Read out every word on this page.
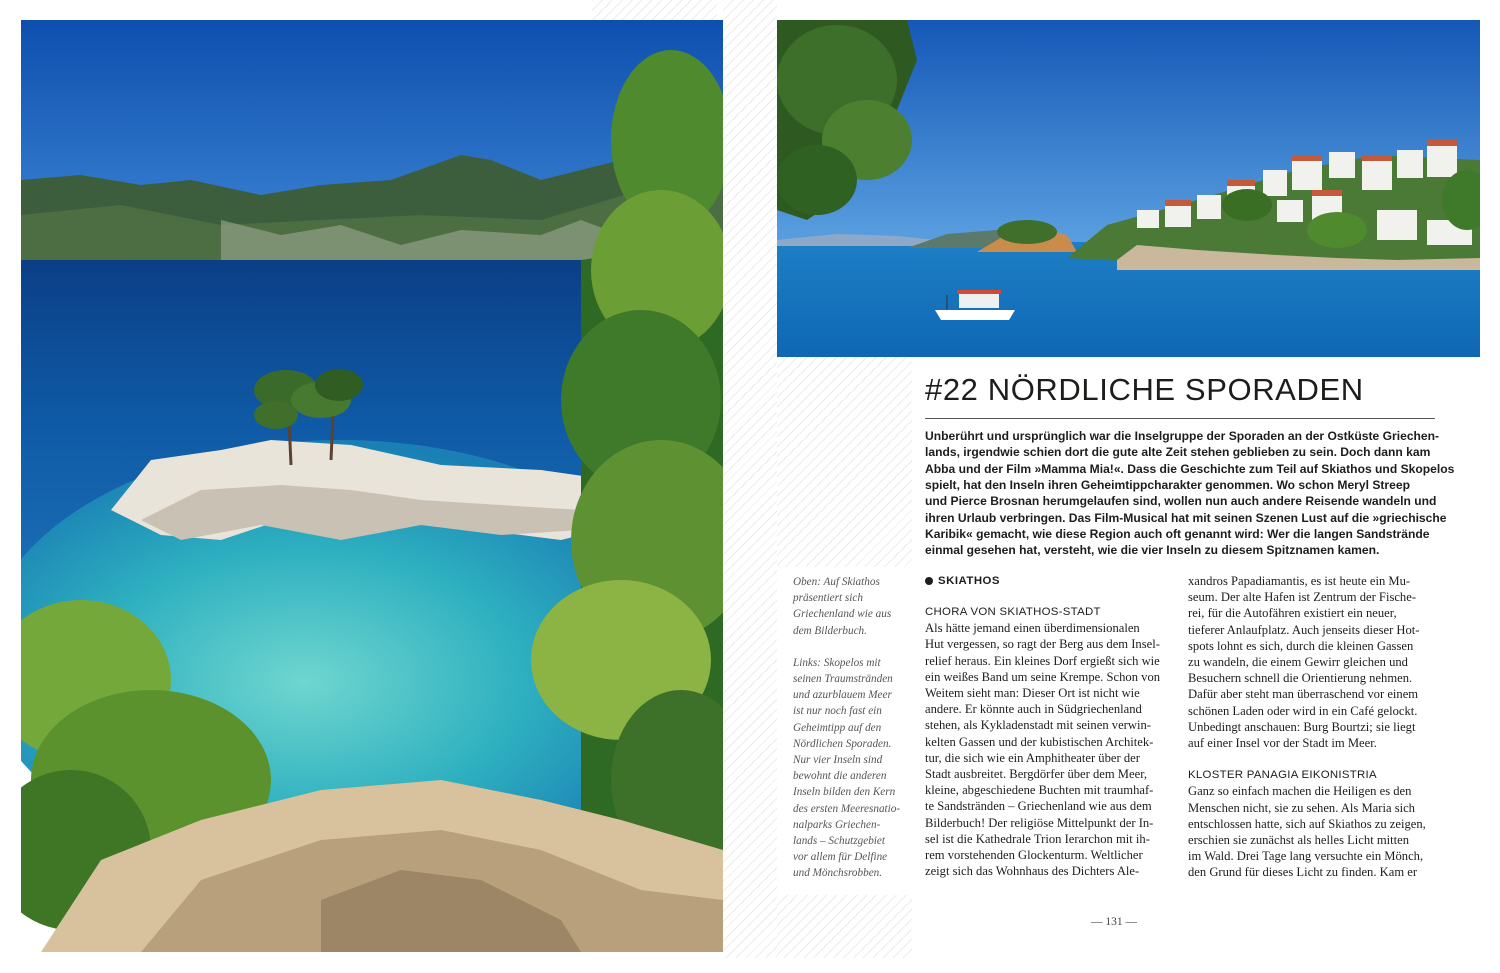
#22 NÖRDLICHE SPORADEN
Unberührt und ursprünglich war die Inselgruppe der Sporaden an der Ostküste Griechen-
lands, irgendwie schien dort die gute alte Zeit stehen geblieben zu sein. Doch dann kam
Abba und der Film »Mamma Mia!«. Dass die Geschichte zum Teil auf Skiathos und Skopelos
spielt, hat den Inseln ihren Geheimtippcharakter genommen. Wo schon Meryl Streep
und Pierce Brosnan herumgelaufen sind, wollen nun auch andere Reisende wandeln und
ihren Urlaub verbringen. Das Film-Musical hat mit seinen Szenen Lust auf die »griechische
Karibik« gemacht, wie diese Region auch oft genannt wird: Wer die langen Sandstrände
einmal gesehen hat, versteht, wie die vier Inseln zu diesem Spitznamen kamen.
Oben: Auf Skiathos
präsentiert sich
Griechenland wie aus
dem Bilderbuch.
Links: Skopelos mit
seinen Traumstränden
und azurblauem Meer
ist nur noch fast ein
Geheimtipp auf den
Nördlichen Sporaden.
Nur vier Inseln sind
bewohnt die anderen
Inseln bilden den Kern
des ersten Meeresnatio-
nalparks Griechen-
lands – Schutzgebiet
vor allem für Delfine
und Mönchsrobben.
SKIATHOS
CHORA VON SKIATHOS-STADT
Als hätte jemand einen überdimensionalen
Hut vergessen, so ragt der Berg aus dem Insel-
relief heraus. Ein kleines Dorf ergießt sich wie
ein weißes Band um seine Krempe. Schon von
Weitem sieht man: Dieser Ort ist nicht wie
andere. Er könnte auch in Südgriechenland
stehen, als Kykladenstadt mit seinen verwin-
kelten Gassen und der kubistischen Architek-
tur, die sich wie ein Amphitheater über der
Stadt ausbreitet. Bergdörfer über dem Meer,
kleine, abgeschiedene Buchten mit traumhaf-
te Sandstränden – Griechenland wie aus dem
Bilderbuch! Der religiöse Mittelpunkt der In-
sel ist die Kathedrale Trion Ierarchon mit ih-
rem vorstehenden Glockenturm. Weltlicher
zeigt sich das Wohnhaus des Dichters Ale-
xandros Papadiamantis, es ist heute ein Mu-
seum. Der alte Hafen ist Zentrum der Fische-
rei, für die Autofähren existiert ein neuer,
tieferer Anlaufplatz. Auch jenseits dieser Hot-
spots lohnt es sich, durch die kleinen Gassen
zu wandeln, die einem Gewirr gleichen und
Besuchern schnell die Orientierung nehmen.
Dafür aber steht man überraschend vor einem
schönen Laden oder wird in ein Café gelockt.
Unbedingt anschauen: Burg Bourtzi; sie liegt
auf einer Insel vor der Stadt im Meer.
KLOSTER PANAGIA EIKONISTRIA
Ganz so einfach machen die Heiligen es den
Menschen nicht, sie zu sehen. Als Maria sich
entschlossen hatte, sich auf Skiathos zu zeigen,
erschien sie zunächst als helles Licht mitten
im Wald. Drei Tage lang versuchte ein Mönch,
den Grund für dieses Licht zu finden. Kam er
— 131 —
